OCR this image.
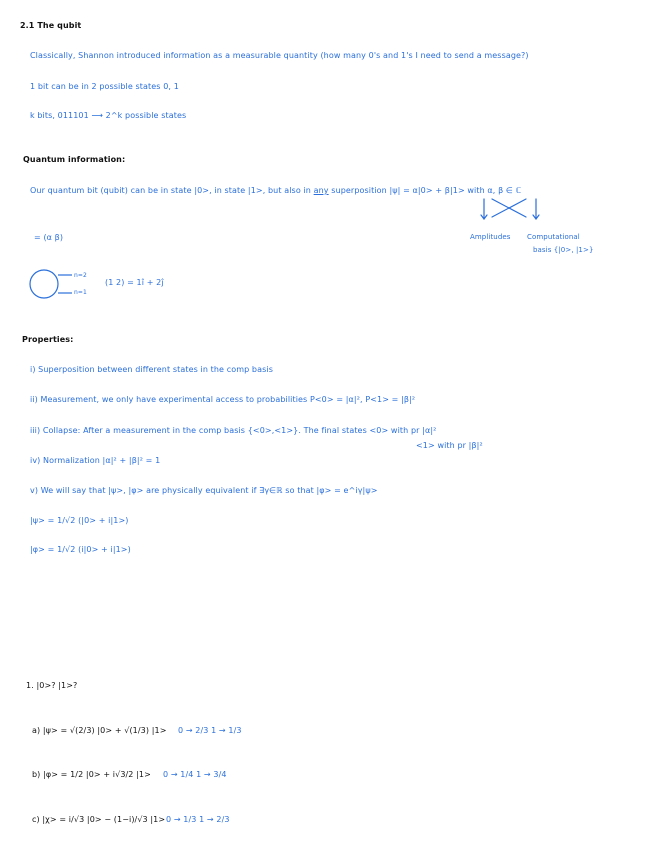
2.1 The qubit
Classically, Shannon introduced information as a measurable quantity (how many 0's and 1's I need to send a message?)
1 bit can be in 2 possible states 0, 1
k bits, 011101 ⟶ 2^k possible states
Quantum information:
Our quantum bit (qubit) can be in state |0>, in state |1>, but also in any superposition |ψ| = α|0> + β|1> with α, β ∈ ℂ
Amplitudes Computational
basis {|0>, |1>}
= (α β)
n=2
n=1
(1 2) = 1î + 2ĵ
Properties:
i) Superposition between different states in the comp basis
ii) Measurement, we only have experimental access to probabilities P<0> = |α|², P<1> = |β|²
iii) Collapse: After a measurement in the comp basis {<0>,<1>}. The final states <0> with pr |α|²
<1> with pr |β|²
iv) Normalization |α|² + |β|² = 1
v) We will say that |ψ>, |φ> are physically equivalent if ∃γ∈ℝ so that |φ> = e^iγ|ψ>
|ψ> = 1/√2 (|0> + i|1>)
|φ> = 1/√2 (i|0> + i|1>)
1. |0>? |1>?
a) |ψ> = √(2/3) |0> + √(1/3) |1> 0 → 2/3 1 → 1/3
b) |φ> = 1/2 |0> + i√3/2 |1> 0 → 1/4 1 → 3/4
c) |χ> = i/√3 |0> − (1−i)/√3 |1> 0 → 1/3 1 → 2/3
